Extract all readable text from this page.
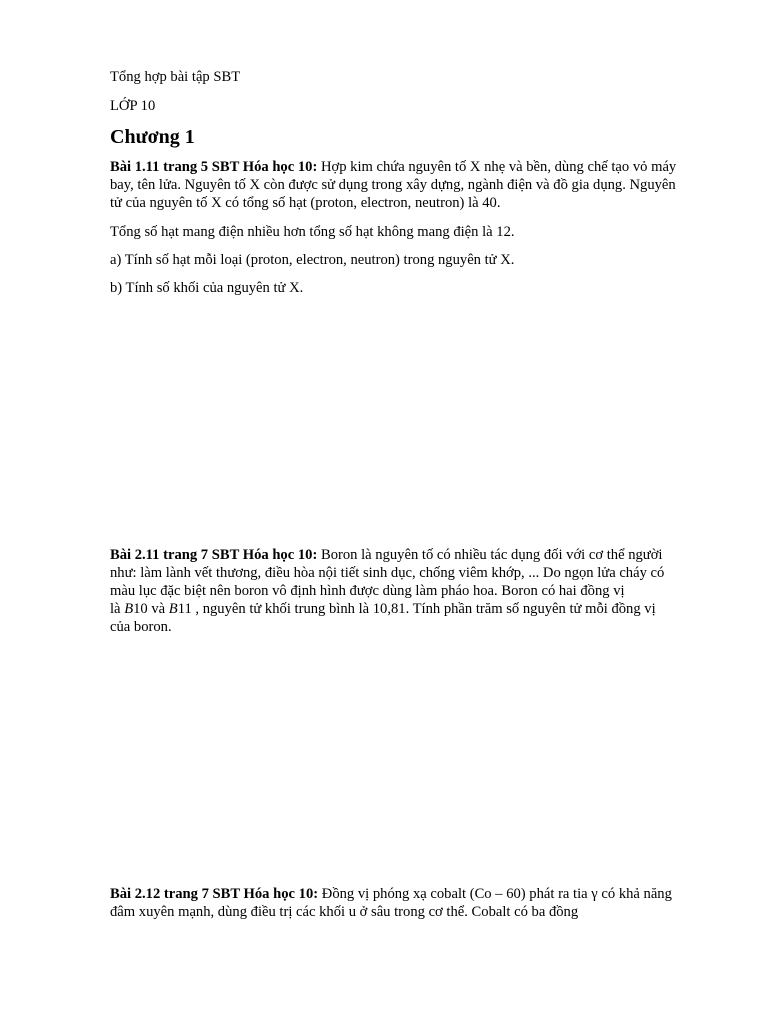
Tổng hợp bài tập SBT
LỚP 10
Chương 1
Bài 1.11 trang 5 SBT Hóa học 10: Hợp kim chứa nguyên tố X nhẹ và bền, dùng chế tạo vỏ máy
bay, tên lửa. Nguyên tố X còn được sử dụng trong xây dựng, ngành điện và đồ gia dụng. Nguyên
tử của nguyên tố X có tổng số hạt (proton, electron, neutron) là 40.
Tổng số hạt mang điện nhiều hơn tổng số hạt không mang điện là 12.
a) Tính số hạt mỗi loại (proton, electron, neutron) trong nguyên tử X.
b) Tính số khối của nguyên tử X.
Bài 2.11 trang 7 SBT Hóa học 10: Boron là nguyên tố có nhiều tác dụng đối với cơ thể người
như: làm lành vết thương, điều hòa nội tiết sinh dục, chống viêm khớp, ... Do ngọn lửa cháy có
màu lục đặc biệt nên boron vô định hình được dùng làm pháo hoa. Boron có hai đồng vị
là B10 và B11 , nguyên tử khối trung bình là 10,81. Tính phần trăm số nguyên tử mỗi đồng vị
của boron.
Bài 2.12 trang 7 SBT Hóa học 10: Đồng vị phóng xạ cobalt (Co – 60) phát ra tia γ có khả năng
đâm xuyên mạnh, dùng điều trị các khối u ở sâu trong cơ thể. Cobalt có ba đồng
